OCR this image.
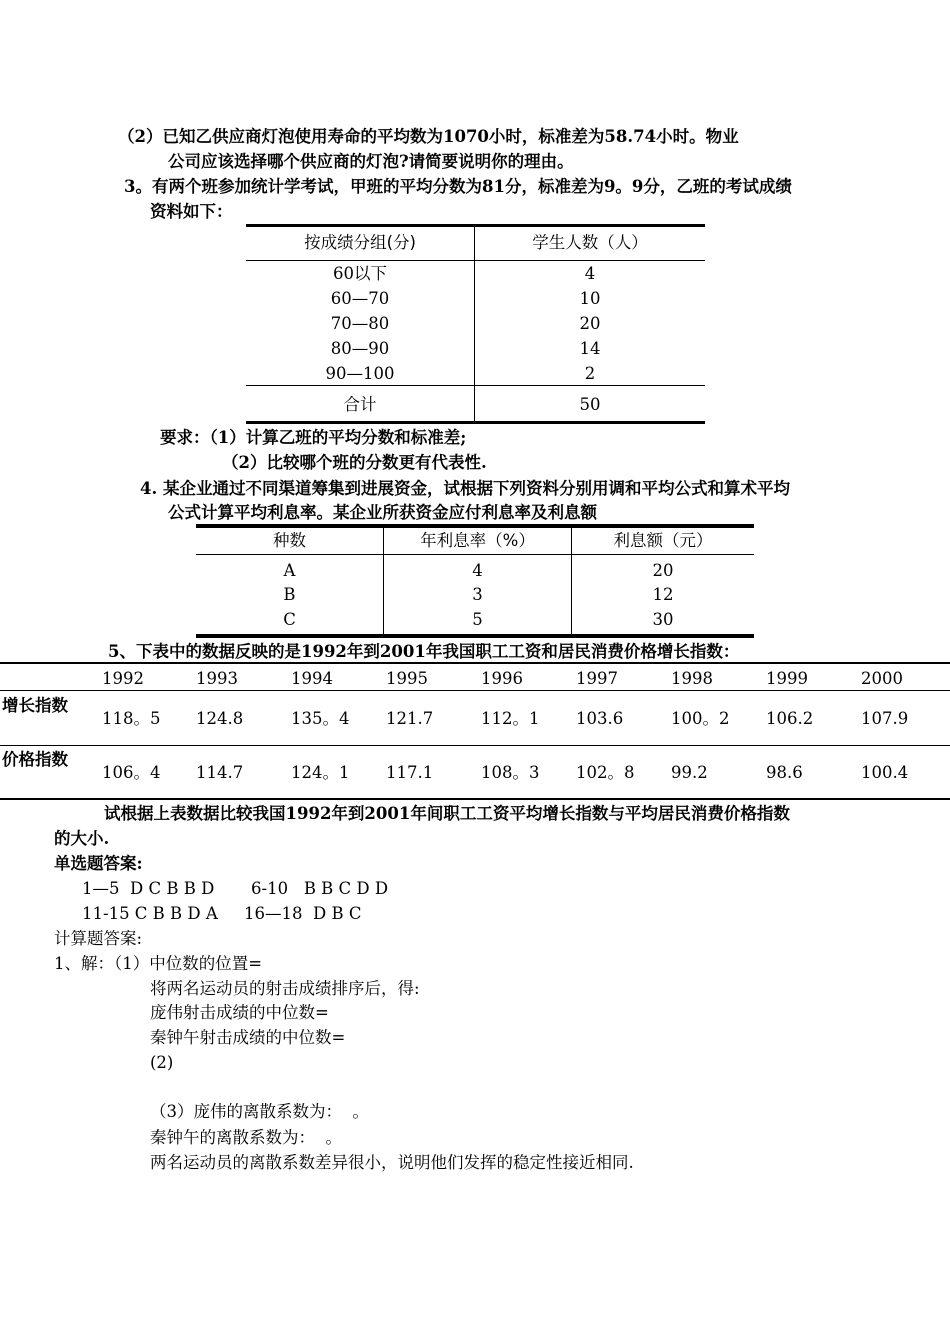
（2）已知乙供应商灯泡使用寿命的平均数为1070小时，标准差为58.74小时。物业
公司应该选择哪个供应商的灯泡?请简要说明你的理由。
3。有两个班参加统计学考试，甲班的平均分数为81分，标准差为9。9分，乙班的考试成绩
资料如下：
按成绩分组(分)	学生人数（人）
60以下	4
60—70	10
70—80	20
80—90	14
90—100	2
合计	50
要求：（1）计算乙班的平均分数和标准差;
（2）比较哪个班的分数更有代表性.
4. 某企业通过不同渠道筹集到进展资金，试根据下列资料分别用调和平均公式和算术平均
公式计算平均利息率。某企业所获资金应付利息率及利息额
种数	年利息率（%）	利息额（元）
A	4	20
B	3	12
C	5	30
5、下表中的数据反映的是1992年到2001年我国职工工资和居民消费价格增长指数：
1992	1993	1994	1995	1996	1997	1998	1999	2000
增长指数
118。5 124.8	135。4 121.7	112。1 103.6	100。2 106.2	107.9
价格指数
106。4 114.7	124。1 117.1	108。3 102。8 99.2	98.6	100.4
试根据上表数据比较我国1992年到2001年间职工工资平均增长指数与平均居民消费价格指数
的大小.
单选题答案:
1—5  D C B B D       6-10   B B C D D
11-15 C B B D A     16—18  D B C
计算题答案:
1、解：（1）中位数的位置=
将两名运动员的射击成绩排序后，得:
庞伟射击成绩的中位数=
秦钟午射击成绩的中位数=
(2)
（3）庞伟的离散系数为：  。
秦钟午的离散系数为：  。
两名运动员的离散系数差异很小，说明他们发挥的稳定性接近相同.
